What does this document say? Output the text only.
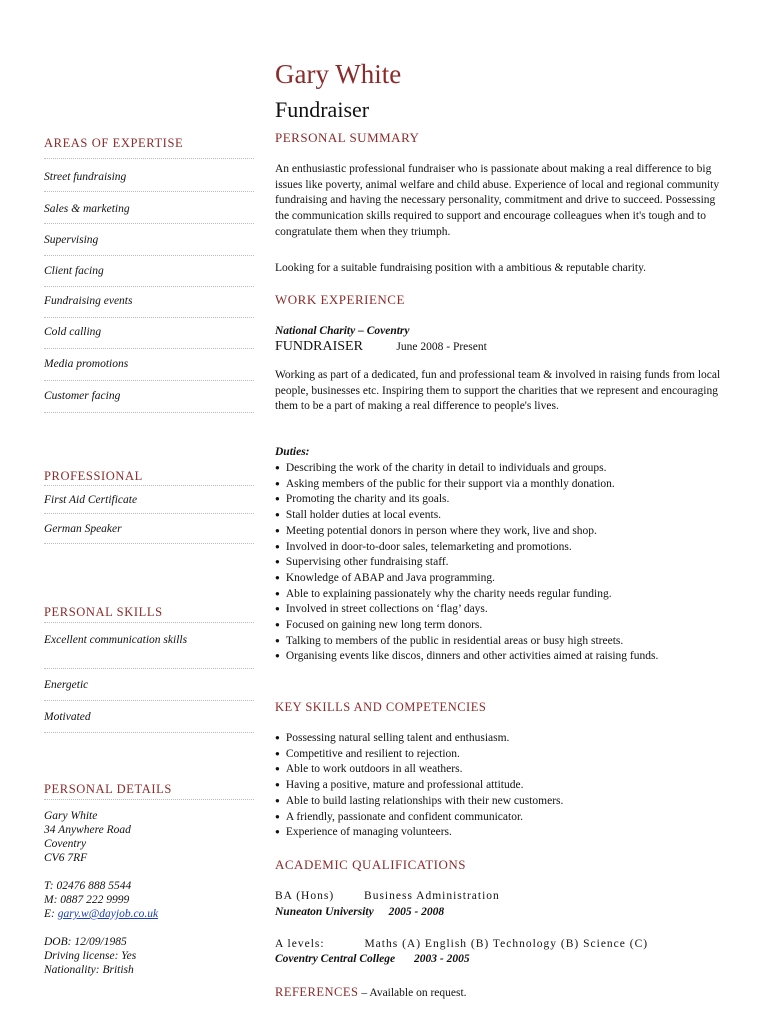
Gary White
Fundraiser
AREAS OF EXPERTISE
Street fundraising
Sales & marketing
Supervising
Client facing
Fundraising events
Cold calling
Media promotions
Customer facing
PROFESSIONAL
First Aid Certificate
German Speaker
PERSONAL SKILLS
Excellent communication skills
Energetic
Motivated
PERSONAL DETAILS
Gary White
34 Anywhere Road
Coventry
CV6 7RF
T: 02476 888 5544
M: 0887 222 9999
E: gary.w@dayjob.co.uk
DOB: 12/09/1985
Driving license: Yes
Nationality: British
PERSONAL SUMMARY

An enthusiastic professional fundraiser who is passionate about making a real difference to big issues like poverty, animal welfare and child abuse. Experience of local and regional community fundraising and having the necessary personality, commitment and drive to succeed. Possessing the communication skills required to support and encourage colleagues when it's tough and to congratulate them when they triumph.

Looking for a suitable fundraising position with a ambitious & reputable charity.

WORK EXPERIENCE
National Charity – Coventry
FUNDRAISER	June 2008 - Present

Working as part of a dedicated, fun and professional team & involved in raising funds from local people, businesses etc. Inspiring them to support the charities that we represent and encouraging them to be a part of making a real difference to people's lives.

Duties:
● Describing the work of the charity in detail to individuals and groups.
● Asking members of the public for their support via a monthly donation.
● Promoting the charity and its goals.
● Stall holder duties at local events.
● Meeting potential donors in person where they work, live and shop.
● Involved in door-to-door sales, telemarketing and promotions.
● Supervising other fundraising staff.
● Knowledge of ABAP and Java programming.
● Able to explaining passionately why the charity needs regular funding.
● Involved in street collections on ‘flag’ days.
● Focused on gaining new long term donors.
● Talking to members of the public in residential areas or busy high streets.
● Organising events like discos, dinners and other activities aimed at raising funds.
KEY SKILLS AND COMPETENCIES
● Possessing natural selling talent and enthusiasm.
● Competitive and resilient to rejection.
● Able to work outdoors in all weathers.
● Having a positive, mature and professional attitude.
● Able to build lasting relationships with their new customers.
● A friendly, passionate and confident communicator.
● Experience of managing volunteers.
ACADEMIC QUALIFICATIONS
BA (Hons)	Business Administration
Nuneaton University 2005 - 2008
A levels:	Maths (A) English (B) Technology (B) Science (C)
Coventry Central College 2003 - 2005
REFERENCES – Available on request.
